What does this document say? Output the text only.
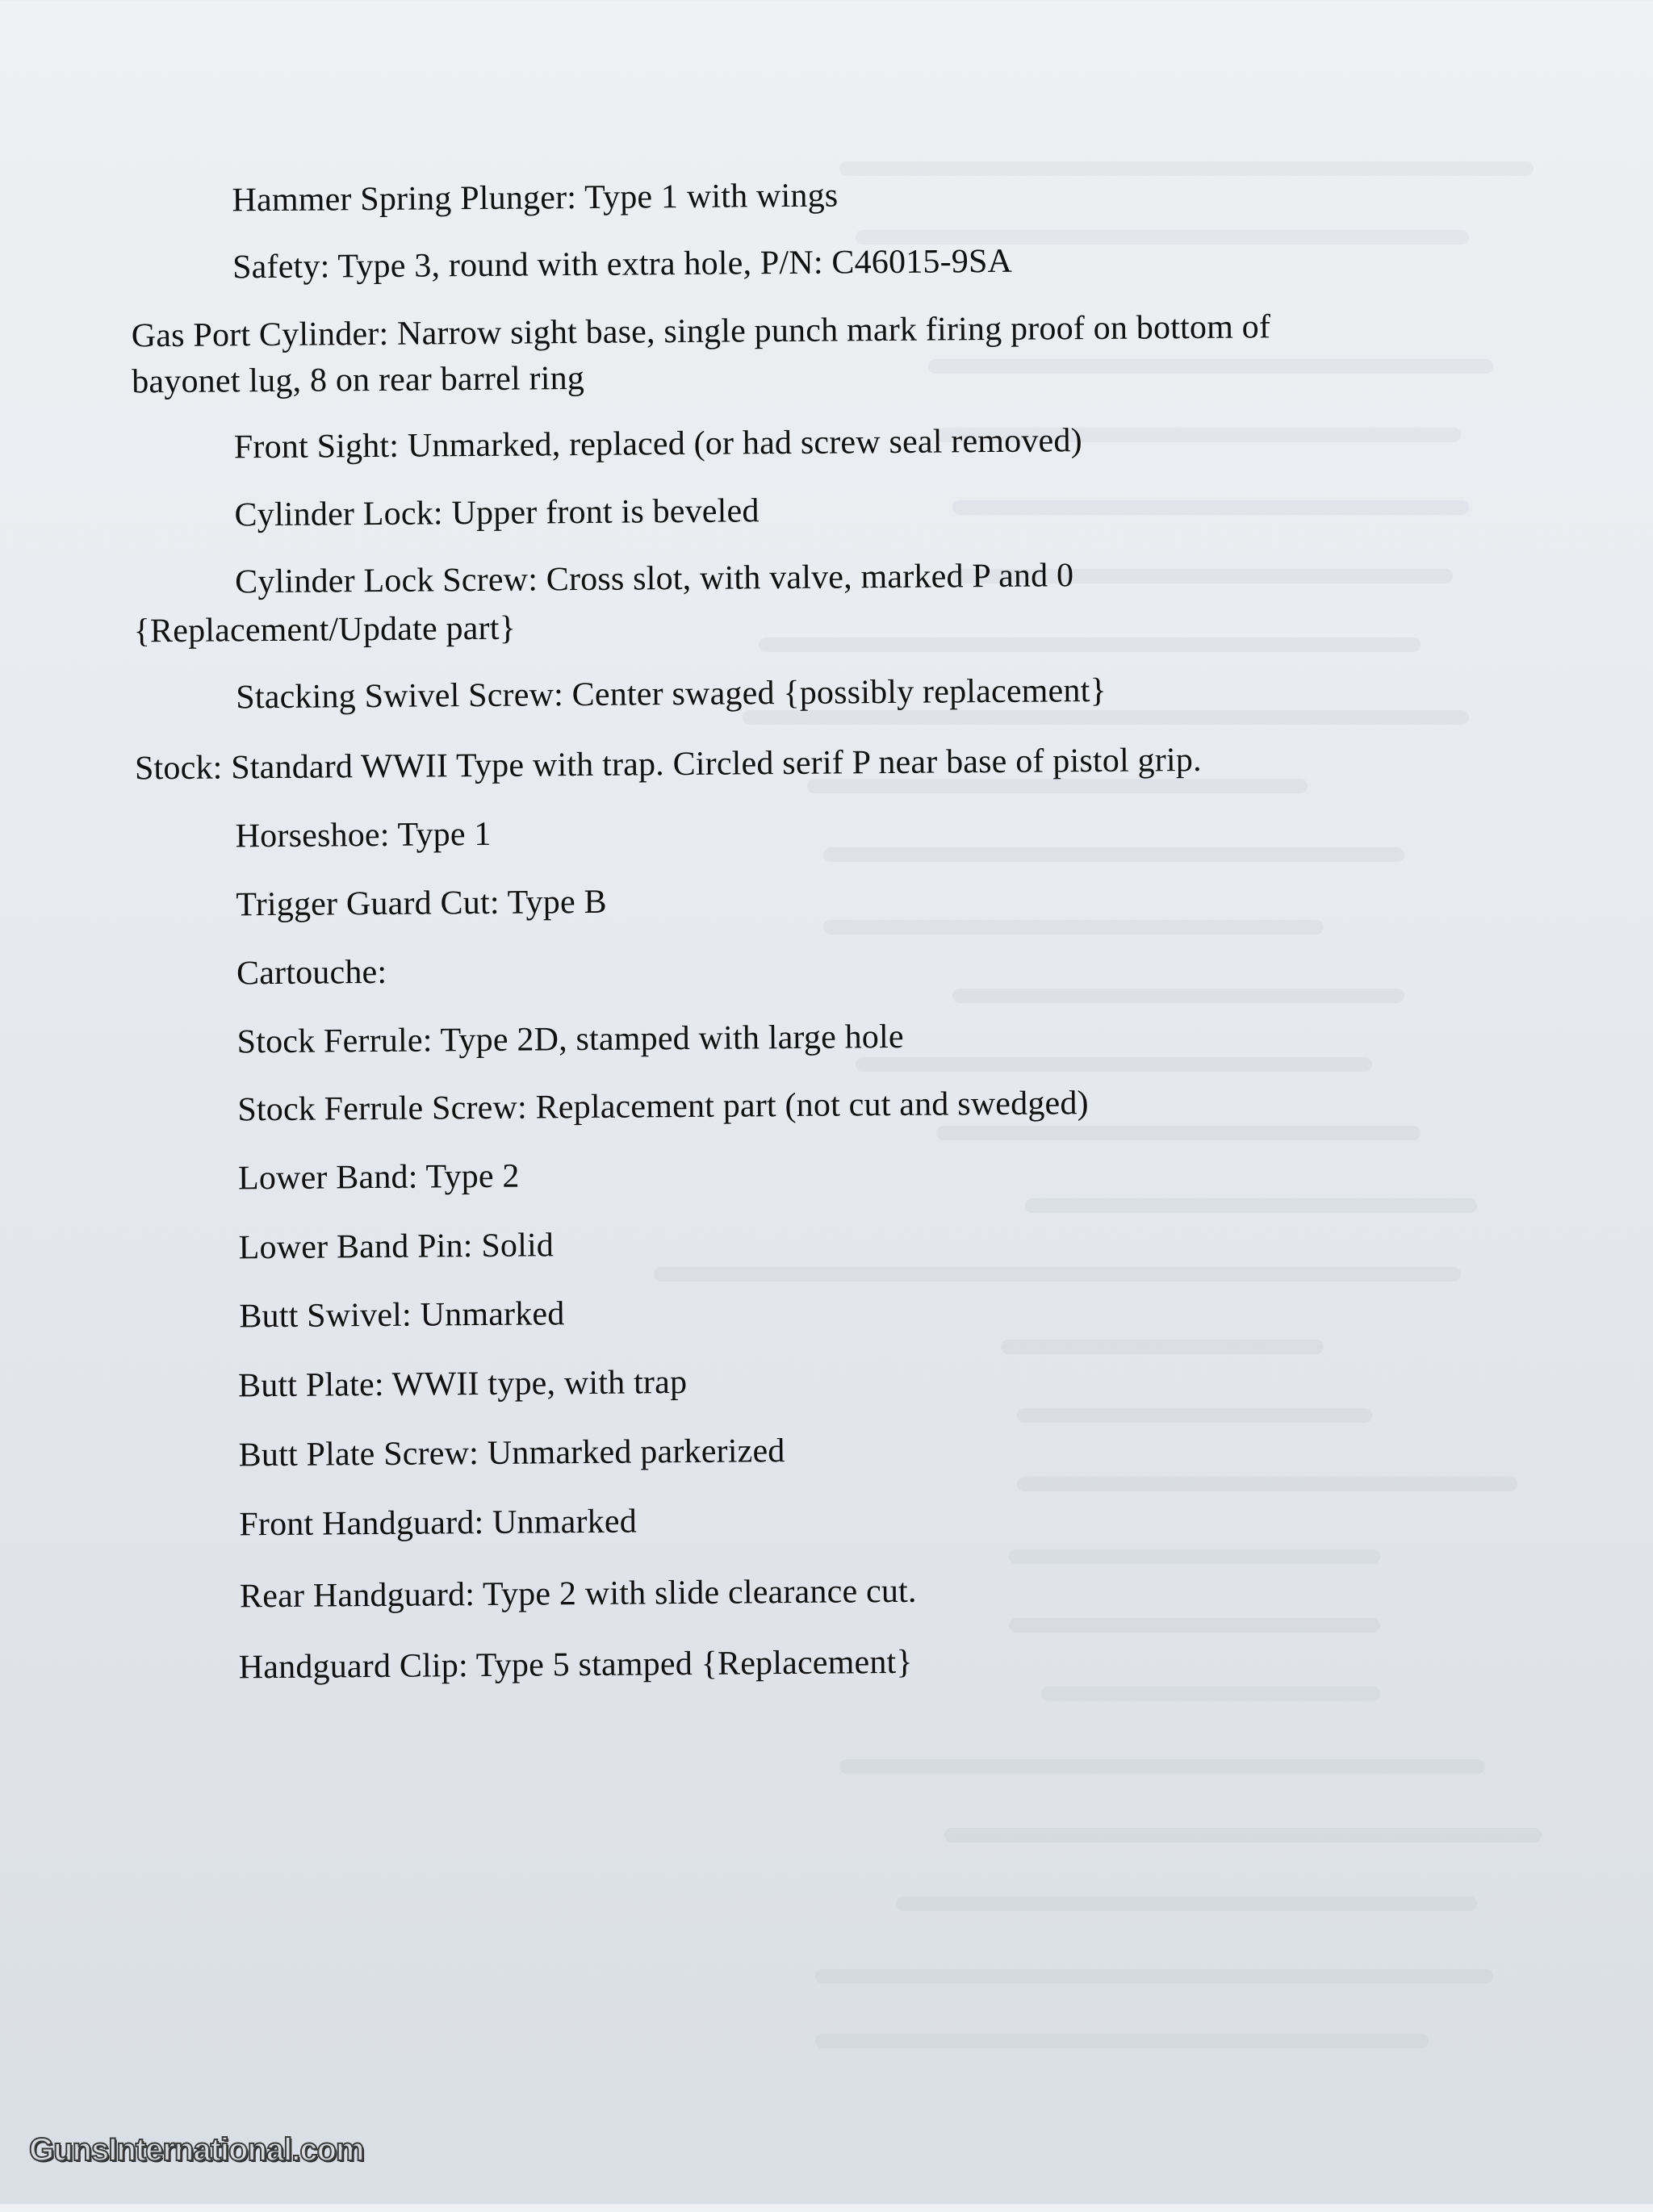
Hammer Spring Plunger: Type 1 with wings
Safety: Type 3, round with extra hole, P/N: C46015-9SA
Gas Port Cylinder: Narrow sight base, single punch mark firing proof on bottom of
bayonet lug, 8 on rear barrel ring
Front Sight: Unmarked, replaced (or had screw seal removed)
Cylinder Lock: Upper front is beveled
Cylinder Lock Screw: Cross slot, with valve, marked P and 0
{Replacement/Update part}
Stacking Swivel Screw: Center swaged {possibly replacement}
Stock: Standard WWII Type with trap. Circled serif P near base of pistol grip.
Horseshoe: Type 1
Trigger Guard Cut: Type B
Cartouche:
Stock Ferrule: Type 2D, stamped with large hole
Stock Ferrule Screw: Replacement part (not cut and swedged)
Lower Band: Type 2
Lower Band Pin: Solid
Butt Swivel: Unmarked
Butt Plate: WWII type, with trap
Butt Plate Screw: Unmarked parkerized
Front Handguard: Unmarked
Rear Handguard: Type 2 with slide clearance cut.
Handguard Clip: Type 5 stamped {Replacement}
GunsInternational.com
